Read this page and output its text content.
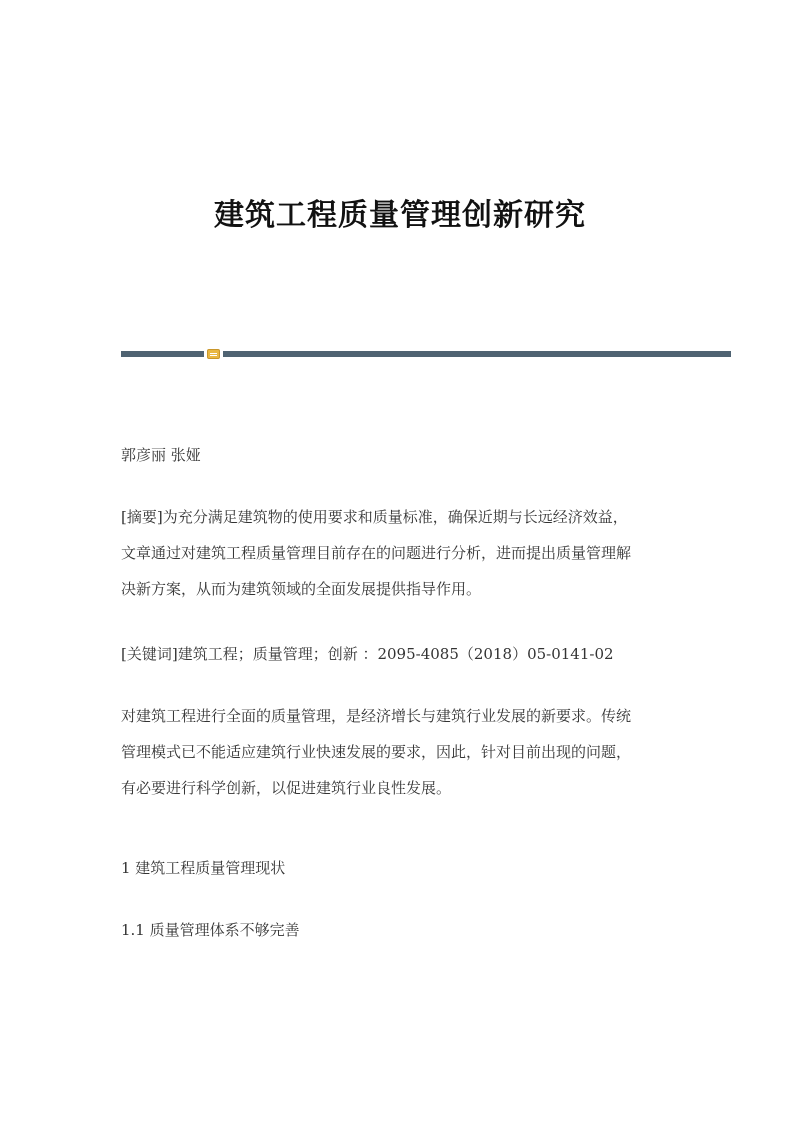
建筑工程质量管理创新研究

郭彦丽 张娅

[摘要]为充分满足建筑物的使用要求和质量标准，确保近期与长远经济效益，
文章通过对建筑工程质量管理目前存在的问题进行分析，进而提出质量管理解
决新方案，从而为建筑领域的全面发展提供指导作用。

[关键词]建筑工程；质量管理；创新 ：2095-4085（2018）05-0141-02

对建筑工程进行全面的质量管理，是经济增长与建筑行业发展的新要求。传统
管理模式已不能适应建筑行业快速发展的要求，因此，针对目前出现的问题，
有必要进行科学创新，以促进建筑行业良性发展。

1 建筑工程质量管理现状

1.1 质量管理体系不够完善
